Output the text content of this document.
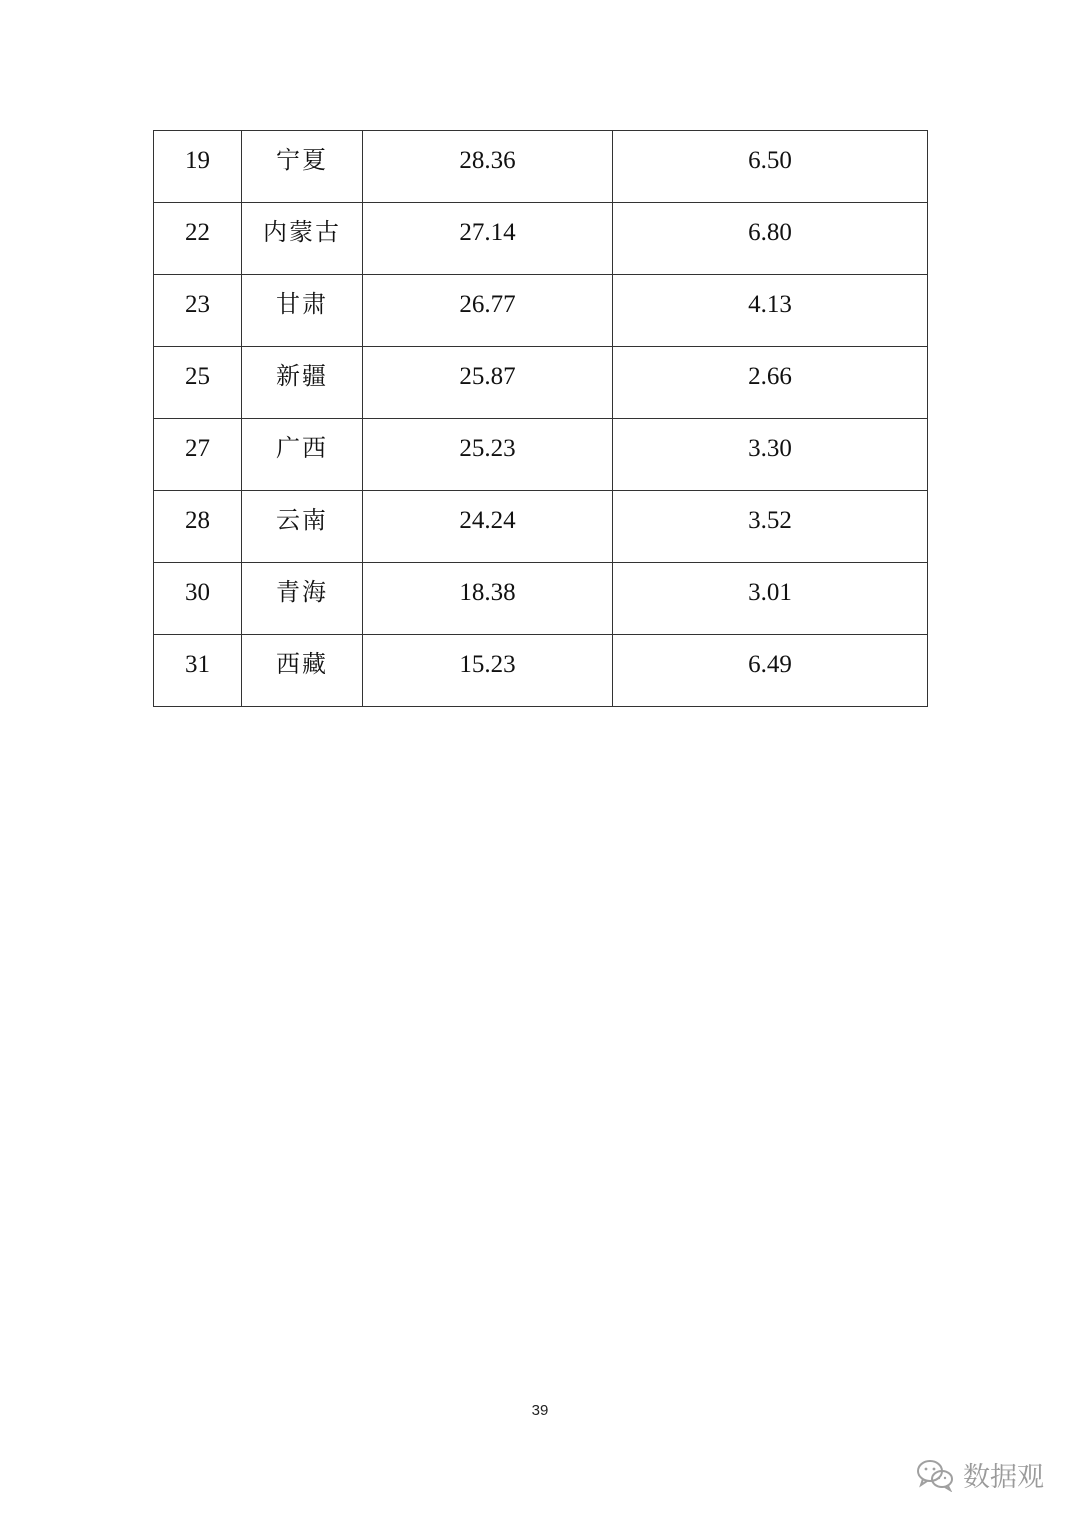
19	宁夏	28.36	6.50

22	内蒙古	27.14	6.80

23	甘肃	26.77	4.13

25	新疆	25.87	2.66

27	广西	25.23	3.30

28	云南	24.24	3.52

30	青海	18.38	3.01

31	西藏	15.23	6.49
39
数据观
